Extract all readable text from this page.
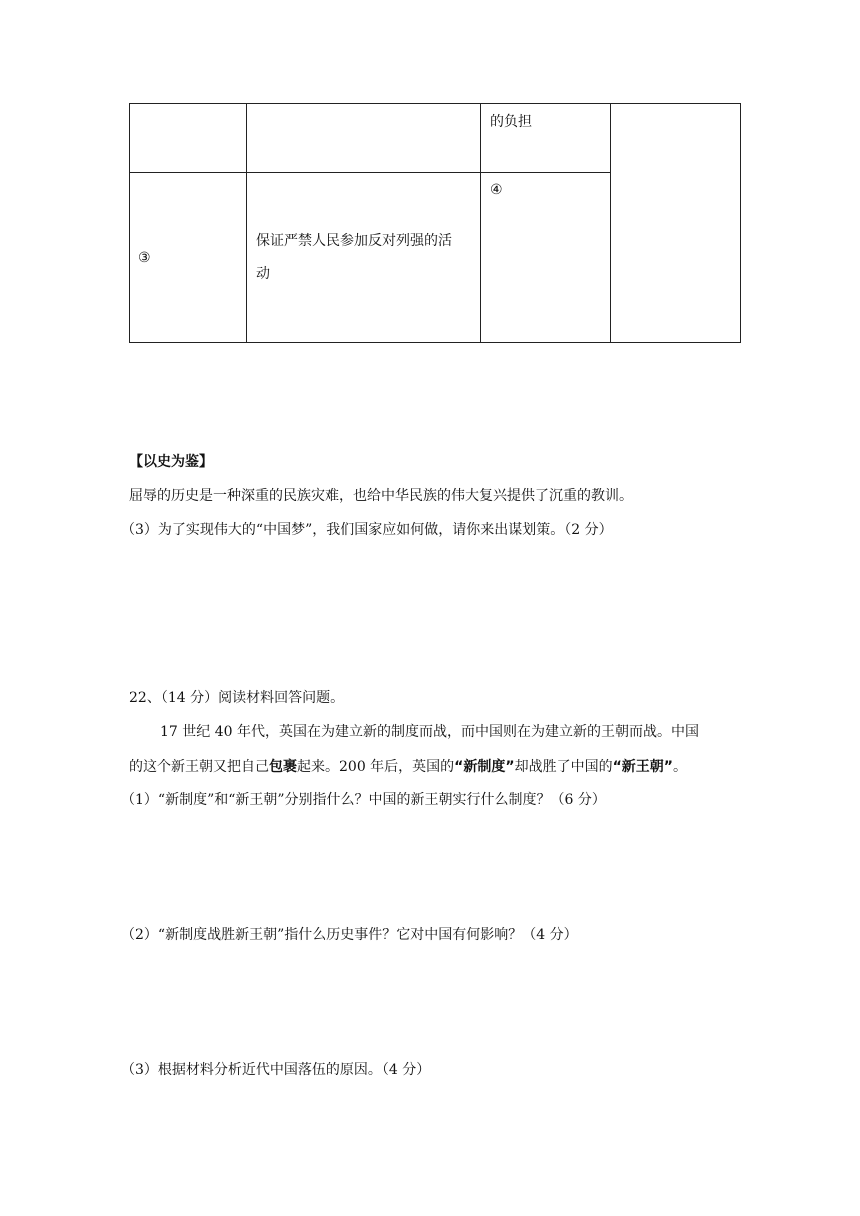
的负担
③
保证严禁人民参加反对列强的活
动
④
【以史为鉴】
屈辱的历史是一种深重的民族灾难，也给中华民族的伟大复兴提供了沉重的教训。
（3）为了实现伟大的“中国梦”，我们国家应如何做，请你来出谋划策。（2 分）
22、（14 分）阅读材料回答问题。
17 世纪 40 年代，英国在为建立新的制度而战，而中国则在为建立新的王朝而战。中国
的这个新王朝又把自己包裹起来。200 年后，英国的“新制度”却战胜了中国的“新王朝”。
（1）“新制度”和“新王朝”分别指什么？中国的新王朝实行什么制度？（6 分）
（2）“新制度战胜新王朝”指什么历史事件？它对中国有何影响？（4 分）
（3）根据材料分析近代中国落伍的原因。（4 分）
